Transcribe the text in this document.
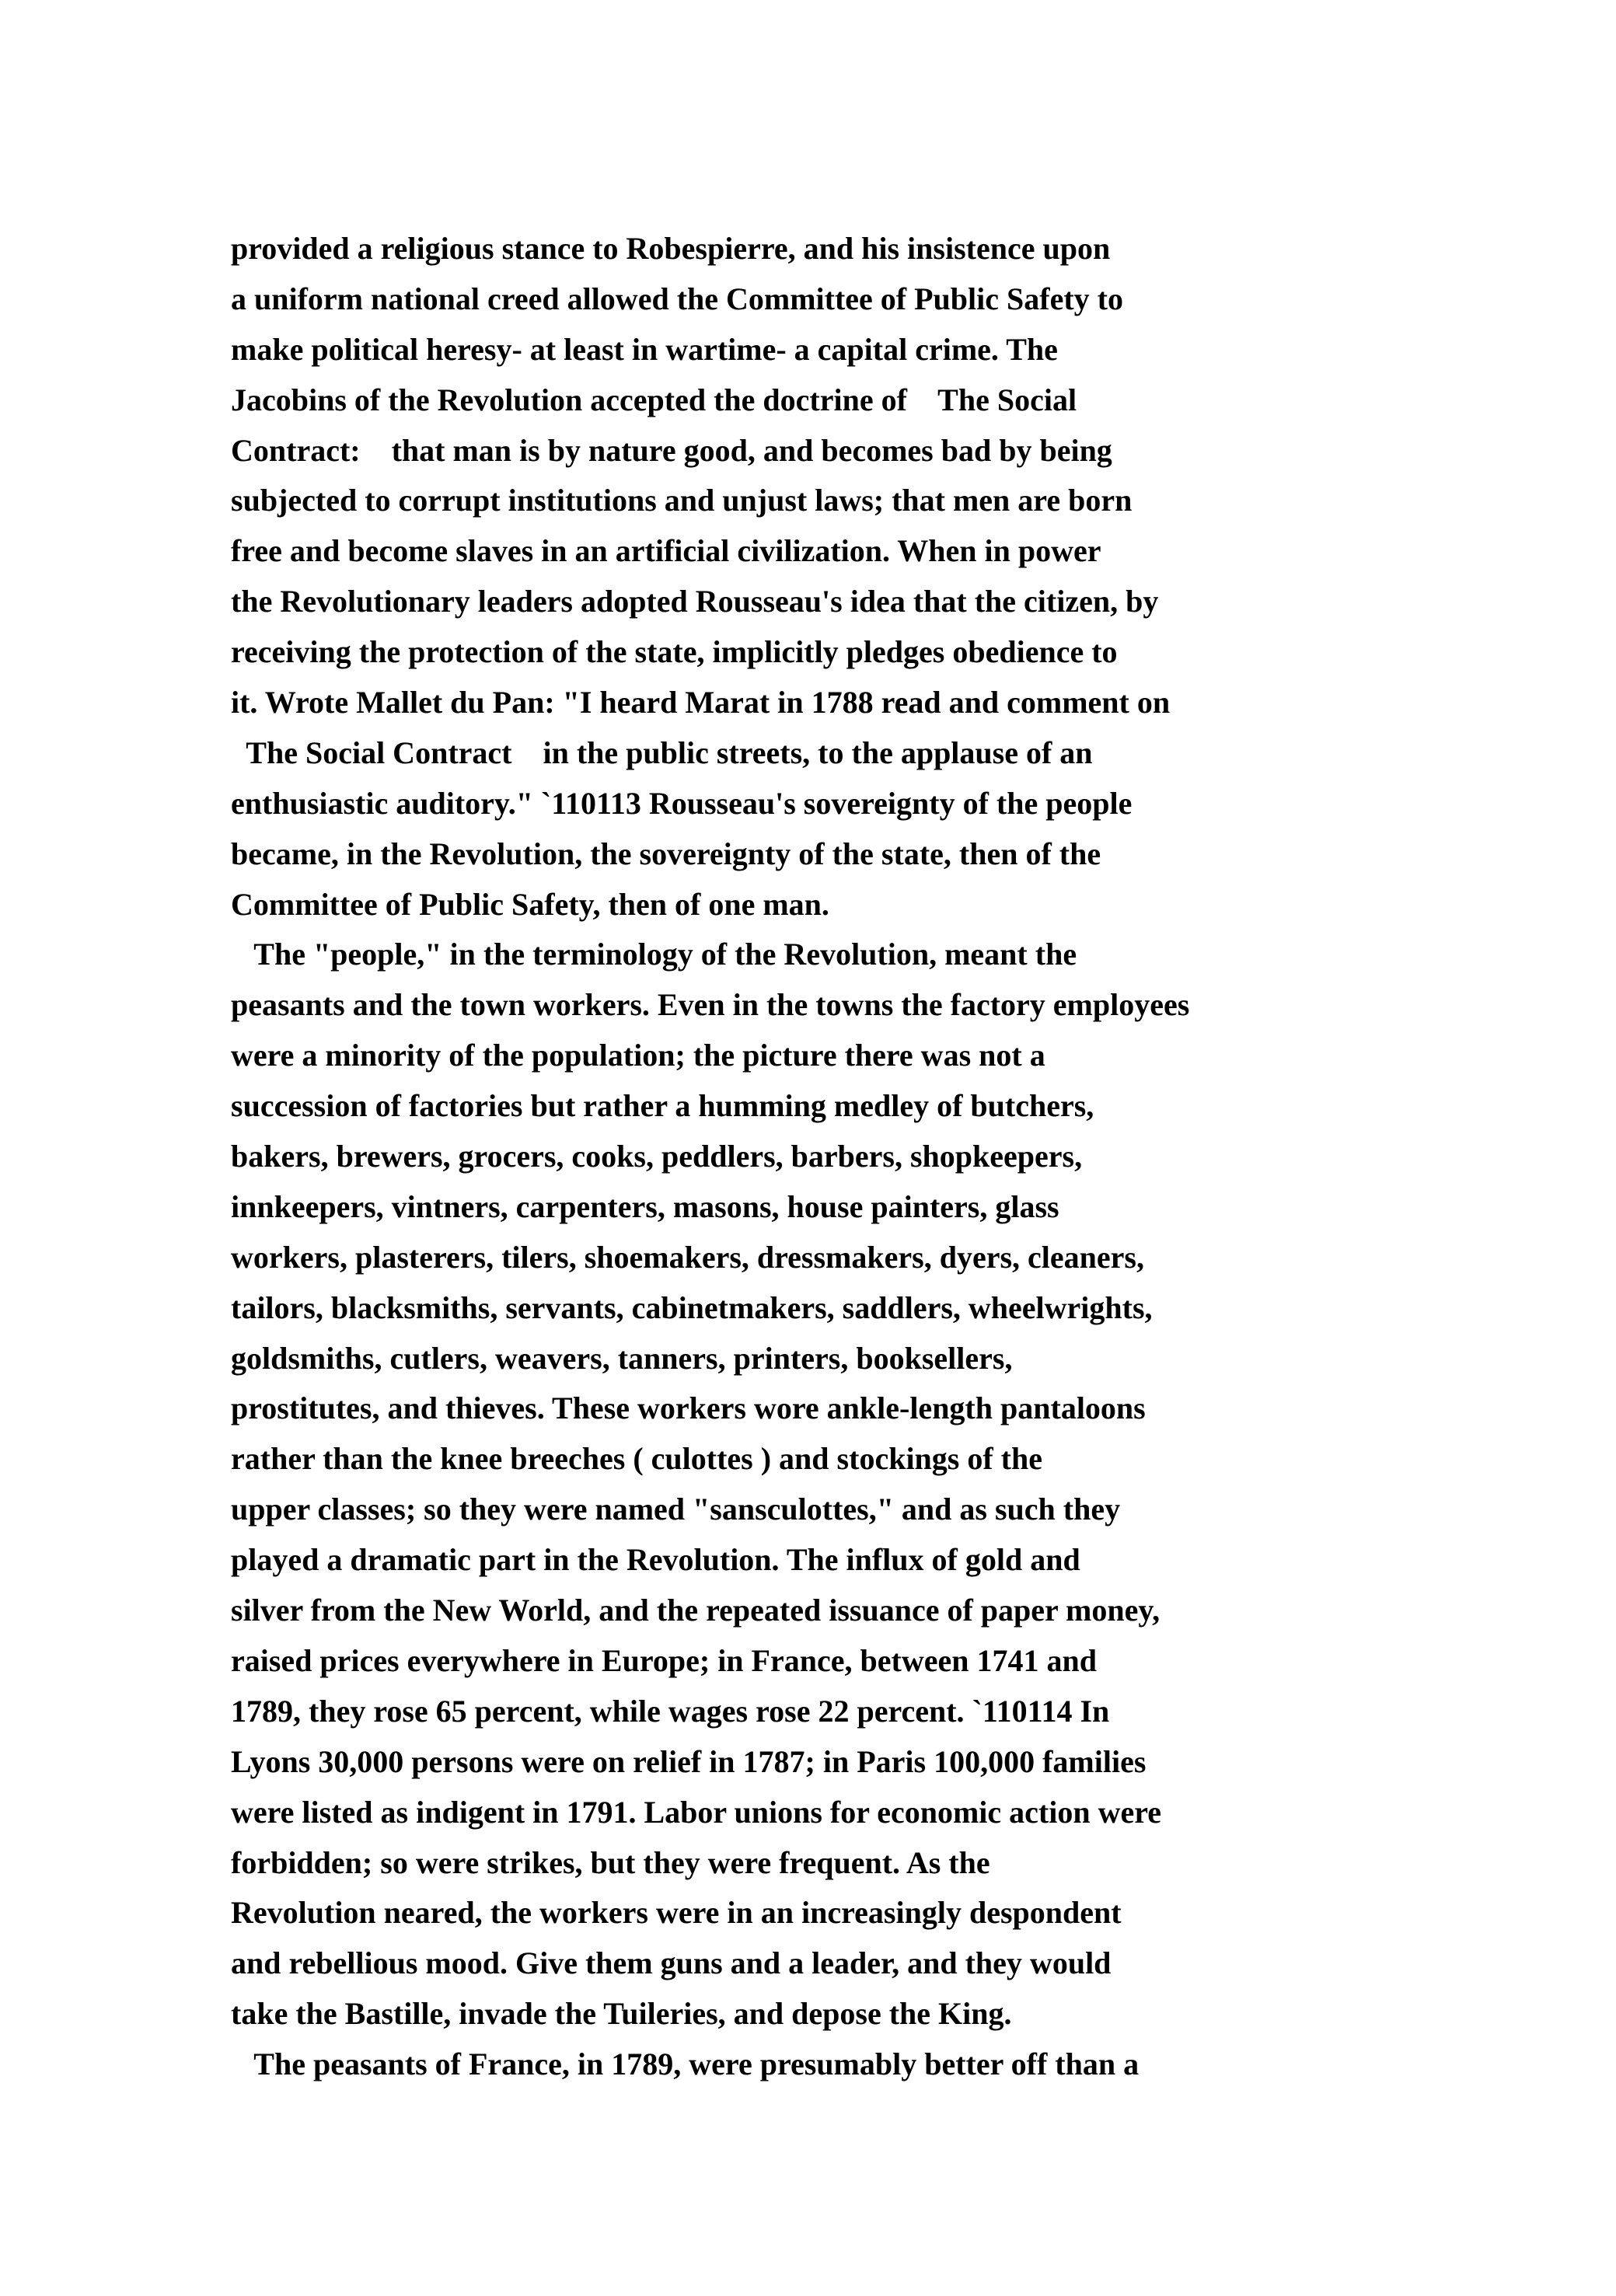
provided a religious stance to Robespierre, and his insistence upon
a uniform national creed allowed the Committee of Public Safety to
make political heresy- at least in wartime- a capital crime. The
Jacobins of the Revolution accepted the doctrine of    The Social
Contract:    that man is by nature good, and becomes bad by being
subjected to corrupt institutions and unjust laws; that men are born
free and become slaves in an artificial civilization. When in power
the Revolutionary leaders adopted Rousseau's idea that the citizen, by
receiving the protection of the state, implicitly pledges obedience to
it. Wrote Mallet du Pan: "I heard Marat in 1788 read and comment on
The Social Contract    in the public streets, to the applause of an
enthusiastic auditory." `110113 Rousseau's sovereignty of the people
became, in the Revolution, the sovereignty of the state, then of the
Committee of Public Safety, then of one man.
The "people," in the terminology of the Revolution, meant the
peasants and the town workers. Even in the towns the factory employees
were a minority of the population; the picture there was not a
succession of factories but rather a humming medley of butchers,
bakers, brewers, grocers, cooks, peddlers, barbers, shopkeepers,
innkeepers, vintners, carpenters, masons, house painters, glass
workers, plasterers, tilers, shoemakers, dressmakers, dyers, cleaners,
tailors, blacksmiths, servants, cabinetmakers, saddlers, wheelwrights,
goldsmiths, cutlers, weavers, tanners, printers, booksellers,
prostitutes, and thieves. These workers wore ankle-length pantaloons
rather than the knee breeches ( culottes ) and stockings of the
upper classes; so they were named "sansculottes," and as such they
played a dramatic part in the Revolution. The influx of gold and
silver from the New World, and the repeated issuance of paper money,
raised prices everywhere in Europe; in France, between 1741 and
1789, they rose 65 percent, while wages rose 22 percent. `110114 In
Lyons 30,000 persons were on relief in 1787; in Paris 100,000 families
were listed as indigent in 1791. Labor unions for economic action were
forbidden; so were strikes, but they were frequent. As the
Revolution neared, the workers were in an increasingly despondent
and rebellious mood. Give them guns and a leader, and they would
take the Bastille, invade the Tuileries, and depose the King.
The peasants of France, in 1789, were presumably better off than a
